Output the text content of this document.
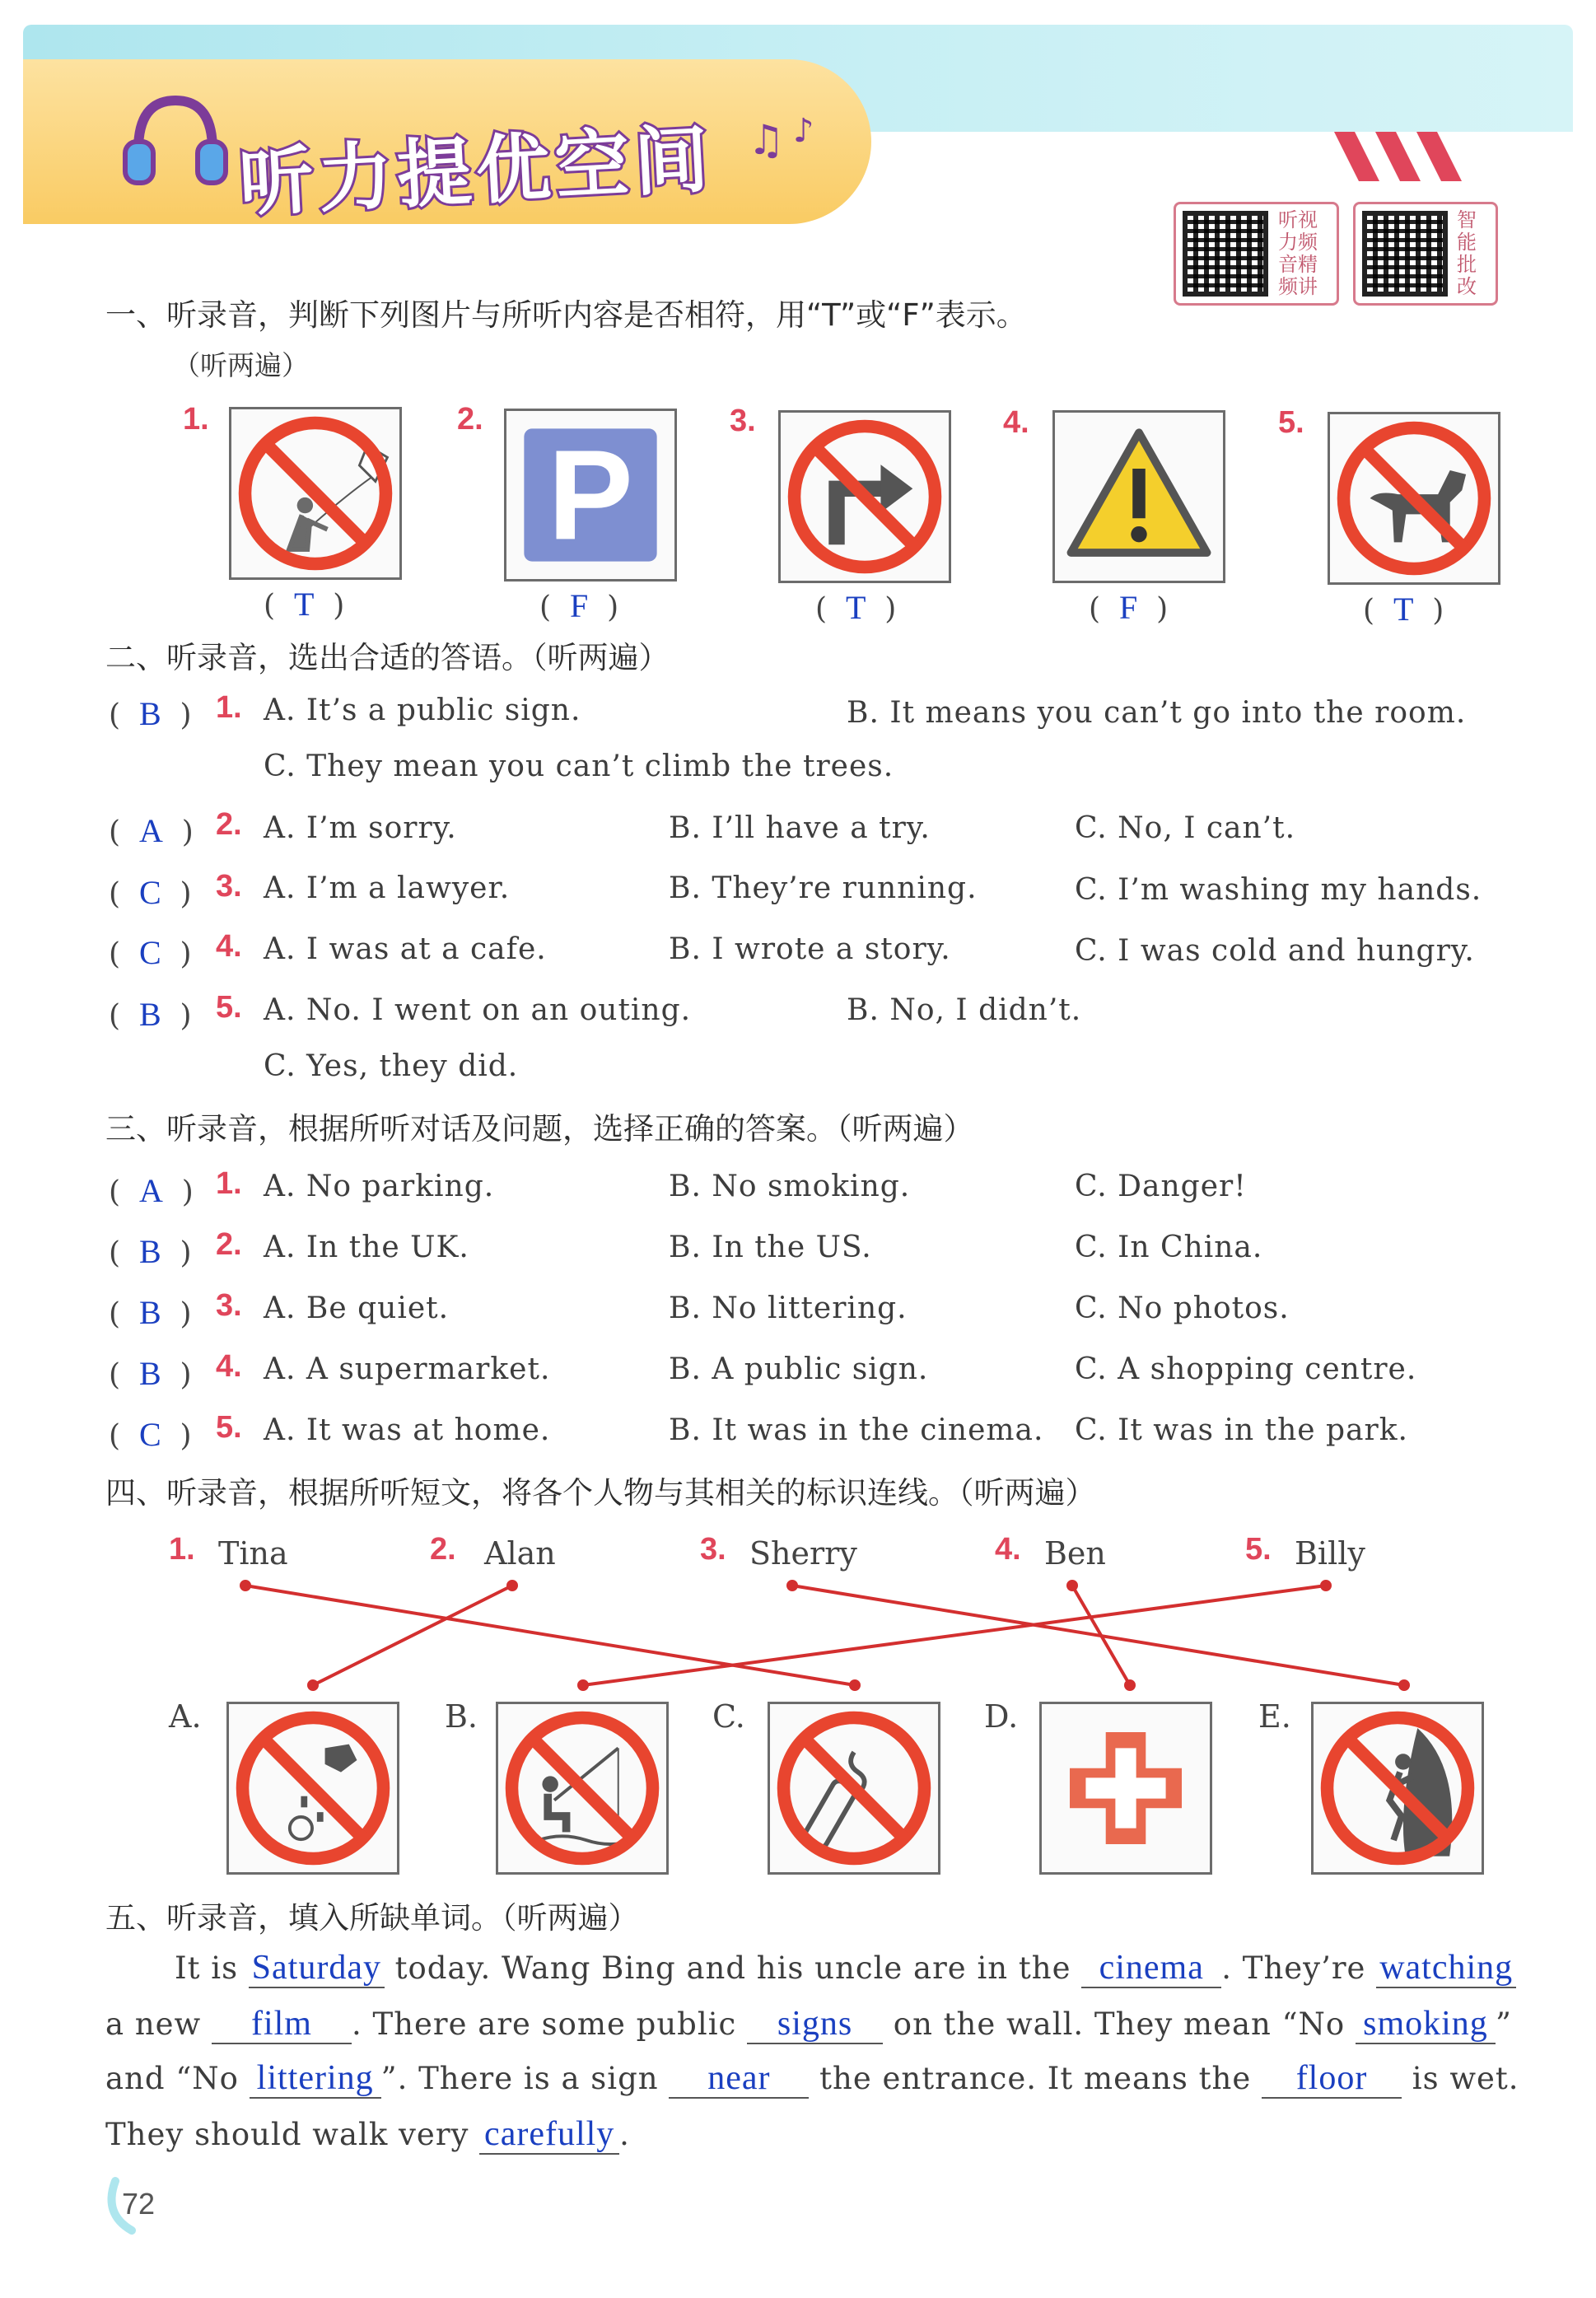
♫ ♪
听力提优空间	听视力频音精频讲
智能批改
一、听录音，判断下列图片与所听内容是否相符，用“T”或“F”表示。
（听两遍）
1.
(  T  )
2.
P
(  F  )
3.
(  T  )
4.
(  F  )
5.
(  T  )
二、听录音，选出合适的答语。（听两遍）
(  B  ) 1. A. It’s a public sign.	B. It means you can’t go into the room.
C. They mean you can’t climb the trees.
(  A  ) 2. A. I’m sorry.	B. I’ll have a try.	C. No, I can’t.
(  C  ) 3. A. I’m a lawyer.	B. They’re running.	C. I’m washing my hands.
(  C  ) 4. A. I was at a cafe.	B. I wrote a story.	C. I was cold and hungry.
(  B  ) 5. A. No. I went on an outing.	B. No, I didn’t.
C. Yes, they did.
三、听录音，根据所听对话及问题，选择正确的答案。（听两遍）
(  A  ) 1. A. No parking.	B. No smoking.	C. Danger!
(  B  ) 2. A. In the UK.	B. In the US.	C. In China.
(  B  ) 3. A. Be quiet.	B. No littering.	C. No photos.
(  B  ) 4. A. A supermarket.	B. A public sign.	C. A shopping centre.
(  C  ) 5. A. It was at home.	B. It was in the cinema. C. It was in the park.
四、听录音，根据所听短文，将各个人物与其相关的标识连线。（听两遍）
1. Tina	2. Alan	3. Sherry	4. Ben	5. Billy
A.	B.	C.	D.	E.
五、听录音，填入所缺单词。（听两遍）
It is Saturday today. Wang Bing and his uncle are in the cinema . They’re watching
a new film . There are some public signs on the wall. They mean “No smoking ”
and “No littering ”. There is a sign near the entrance. It means the floor is wet.
They should walk very carefully .
72
